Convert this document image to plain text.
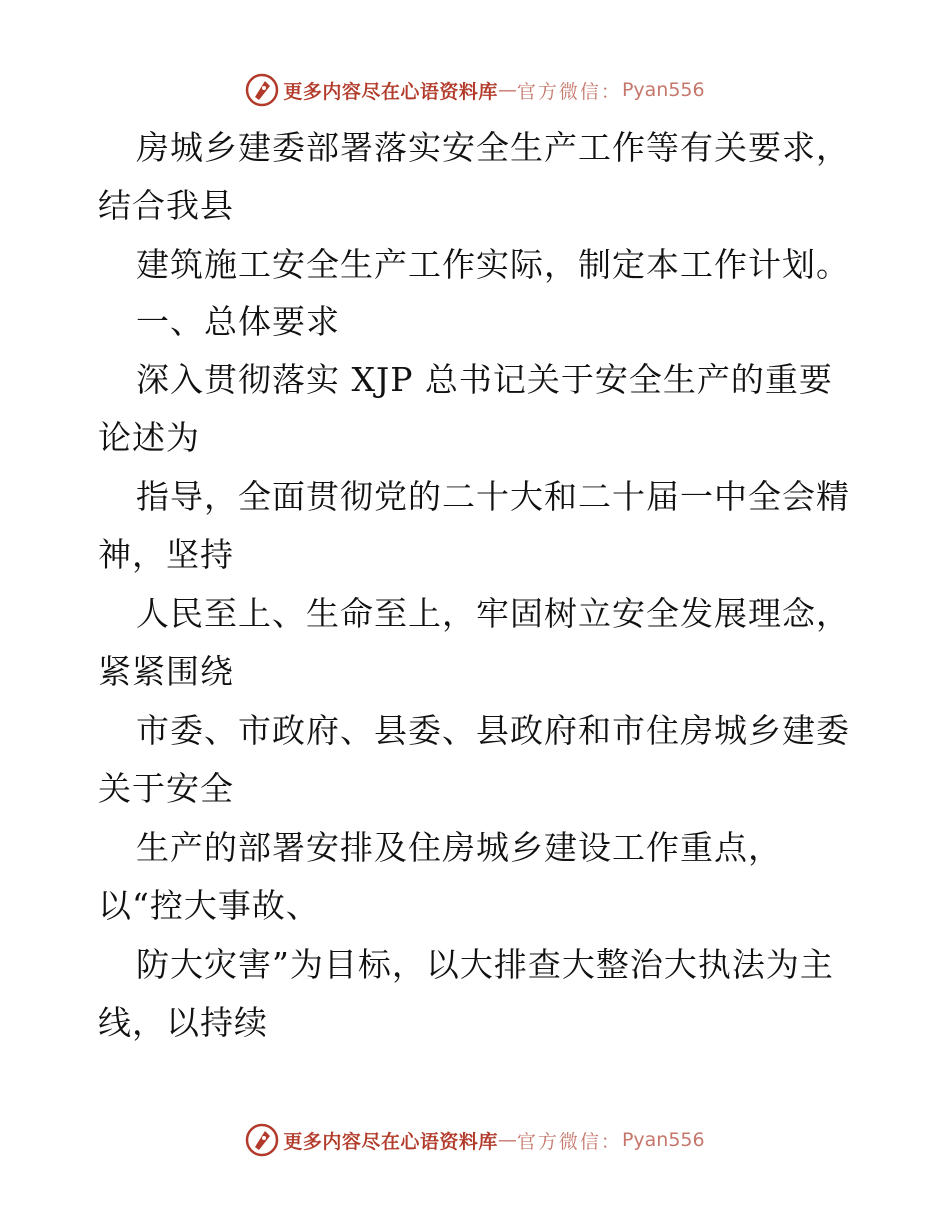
更多内容尽在心语资料库 — 官方微信： Pyan556
房城乡建委部署落实安全生产工作等有关要求，
结合我县
建筑施工安全生产工作实际，制定本工作计划。
一、总体要求
深入贯彻落实 XJP 总书记关于安全生产的重要
论述为
指导，全面贯彻党的二十大和二十届一中全会精
神，坚持
人民至上、生命至上，牢固树立安全发展理念，
紧紧围绕
市委、市政府、县委、县政府和市住房城乡建委
关于安全
生产的部署安排及住房城乡建设工作重点，
以“控大事故、
防大灾害”为目标，以大排查大整治大执法为主
线，以持续
更多内容尽在心语资料库 — 官方微信： Pyan556
